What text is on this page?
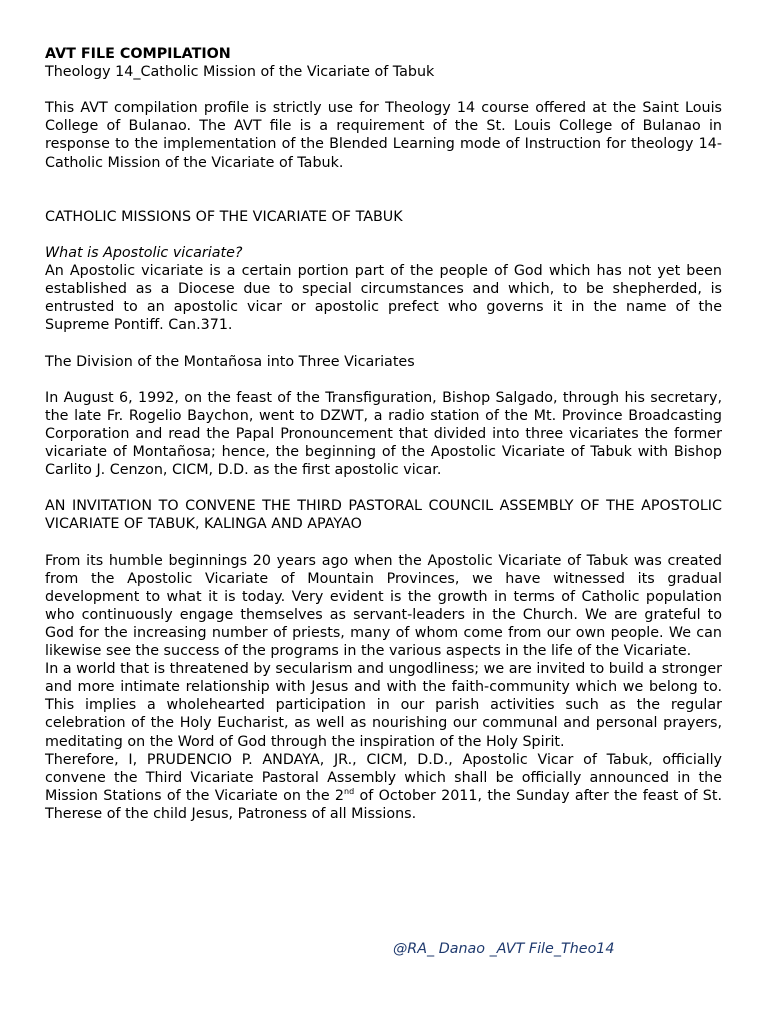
AVT FILE COMPILATION
Theology 14_Catholic Mission of the Vicariate of Tabuk

This AVT compilation profile is strictly use for Theology 14 course offered at the Saint Louis College of Bulanao. The AVT file is a requirement of the St. Louis College of Bulanao in response to the implementation of the Blended Learning mode of Instruction for theology 14- Catholic Mission of the Vicariate of Tabuk.

CATHOLIC MISSIONS OF THE VICARIATE OF TABUK
What is Apostolic vicariate?

An Apostolic vicariate is a certain portion part of the people of God which has not yet been established as a Diocese due to special circumstances and which, to be shepherded, is entrusted to an apostolic vicar or apostolic prefect who governs it in the name of the Supreme Pontiff. Can.371.

The Division of the Montañosa into Three Vicariates

In August 6, 1992, on the feast of the Transfiguration, Bishop Salgado, through his secretary, the late Fr. Rogelio Baychon, went to DZWT, a radio station of the Mt. Province Broadcasting Corporation and read the Papal Pronouncement that divided into three vicariates the former vicariate of Montañosa; hence, the beginning of the Apostolic Vicariate of Tabuk with Bishop Carlito J. Cenzon, CICM, D.D. as the first apostolic vicar.

AN INVITATION TO CONVENE THE THIRD PASTORAL COUNCIL ASSEMBLY OF THE APOSTOLIC VICARIATE OF TABUK, KALINGA AND APAYAO

From its humble beginnings 20 years ago when the Apostolic Vicariate of Tabuk was created from the Apostolic Vicariate of Mountain Provinces, we have witnessed its gradual development to what it is today. Very evident is the growth in terms of Catholic population who continuously engage themselves as servant-leaders in the Church. We are grateful to God for the increasing number of priests, many of whom come from our own people. We can likewise see the success of the programs in the various aspects in the life of the Vicariate.

In a world that is threatened by secularism and ungodliness; we are invited to build a stronger and more intimate relationship with Jesus and with the faith-community which we belong to. This implies a wholehearted participation in our parish activities such as the regular celebration of the Holy Eucharist, as well as nourishing our communal and personal prayers, meditating on the Word of God through the inspiration of the Holy Spirit.

Therefore, I, PRUDENCIO P. ANDAYA, JR., CICM, D.D., Apostolic Vicar of Tabuk, officially convene the Third Vicariate Pastoral Assembly which shall be officially announced in the Mission Stations of the Vicariate on the 2nd of October 2011, the Sunday after the feast of St. Therese of the child Jesus, Patroness of all Missions.

@RA_ Danao _AVT File_Theo14
